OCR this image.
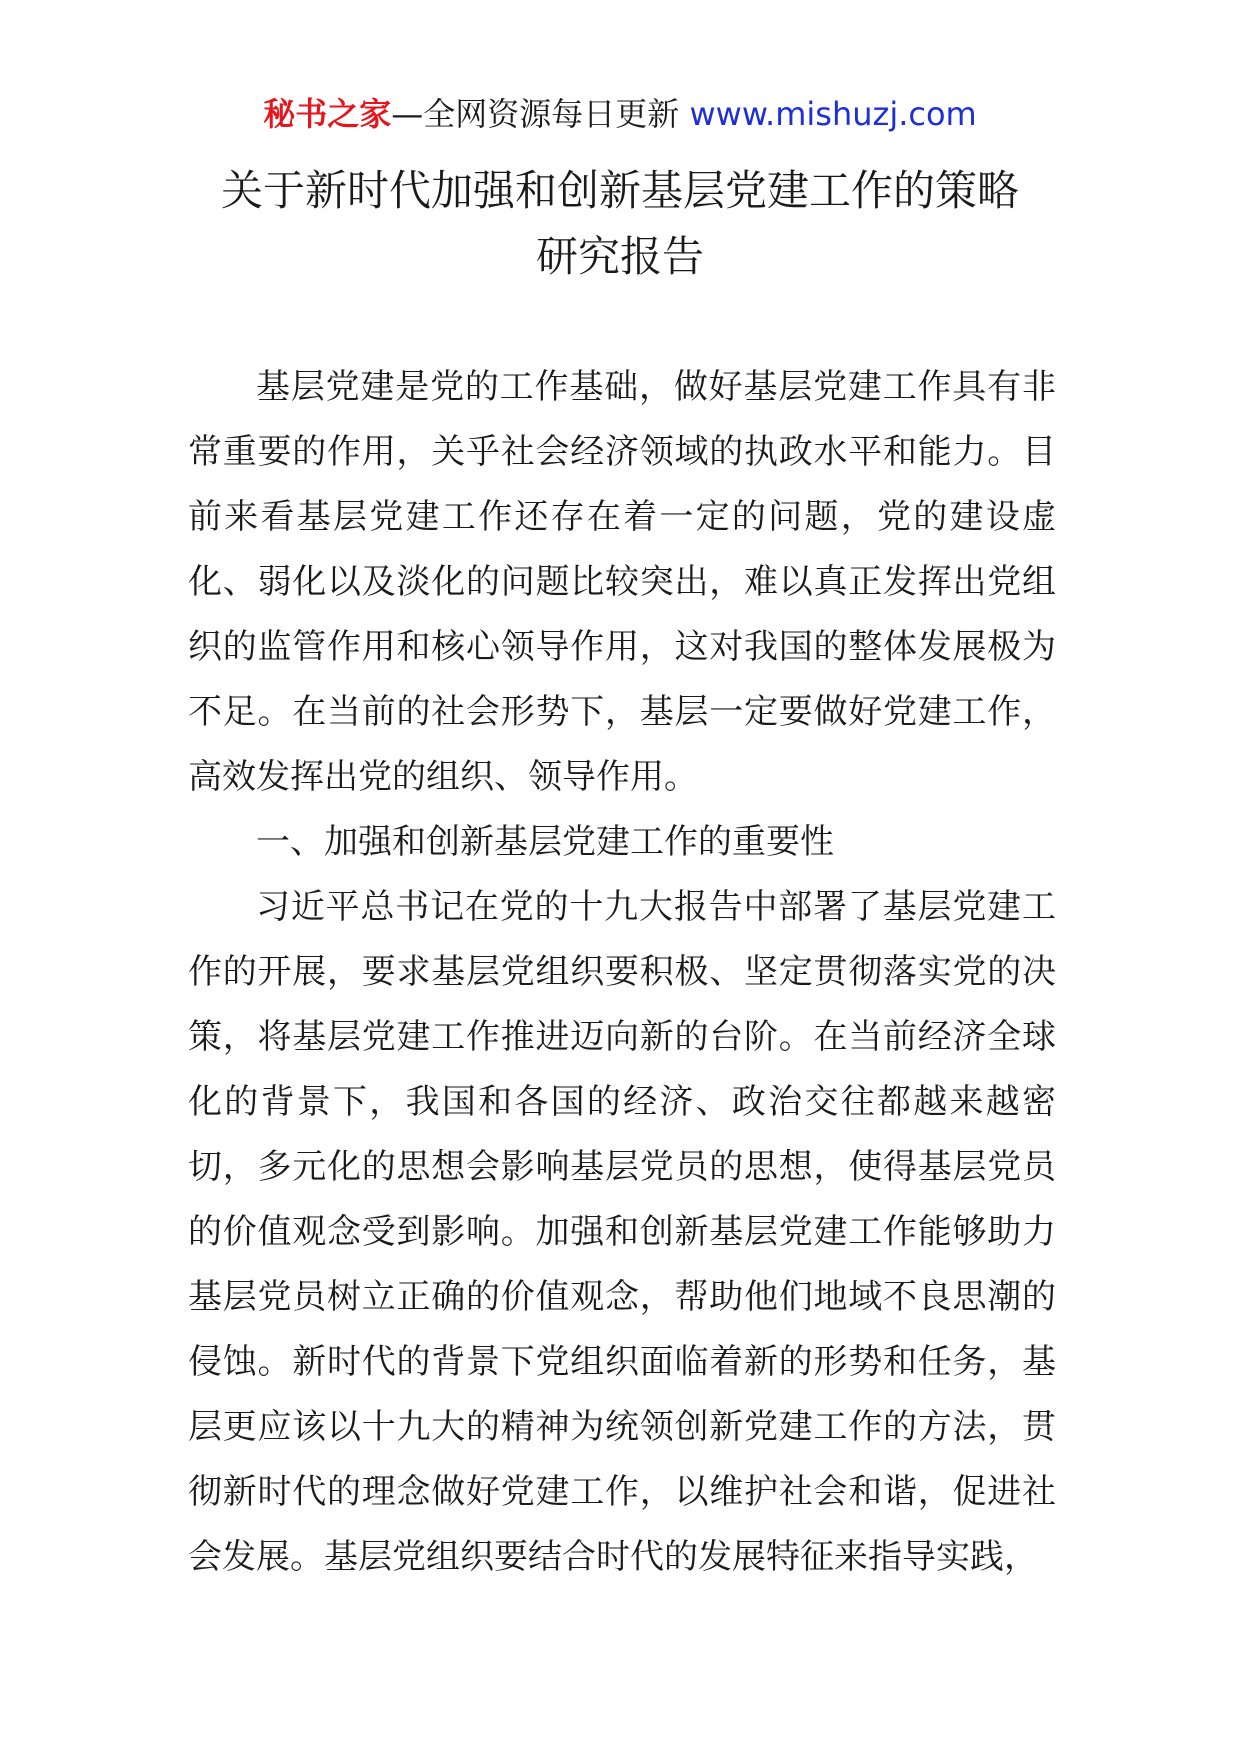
秘书之家—全网资源每日更新 www.mishuzj.com
关于新时代加强和创新基层党建工作的策略
研究报告

基层党建是党的工作基础，做好基层党建工作具有非常重要的作用，关乎社会经济领域的执政水平和能力。目前来看基层党建工作还存在着一定的问题，党的建设虚化、弱化以及淡化的问题比较突出，难以真正发挥出党组织的监管作用和核心领导作用，这对我国的整体发展极为不足。在当前的社会形势下，基层一定要做好党建工作，高效发挥出党的组织、领导作用。

一、加强和创新基层党建工作的重要性

习近平总书记在党的十九大报告中部署了基层党建工作的开展，要求基层党组织要积极、坚定贯彻落实党的决策，将基层党建工作推进迈向新的台阶。在当前经济全球化的背景下，我国和各国的经济、政治交往都越来越密切，多元化的思想会影响基层党员的思想，使得基层党员的价值观念受到影响。加强和创新基层党建工作能够助力基层党员树立正确的价值观念，帮助他们地域不良思潮的侵蚀。新时代的背景下党组织面临着新的形势和任务，基层更应该以十九大的精神为统领创新党建工作的方法，贯彻新时代的理念做好党建工作，以维护社会和谐，促进社会发展。基层党组织要结合时代的发展特征来指导实践，
